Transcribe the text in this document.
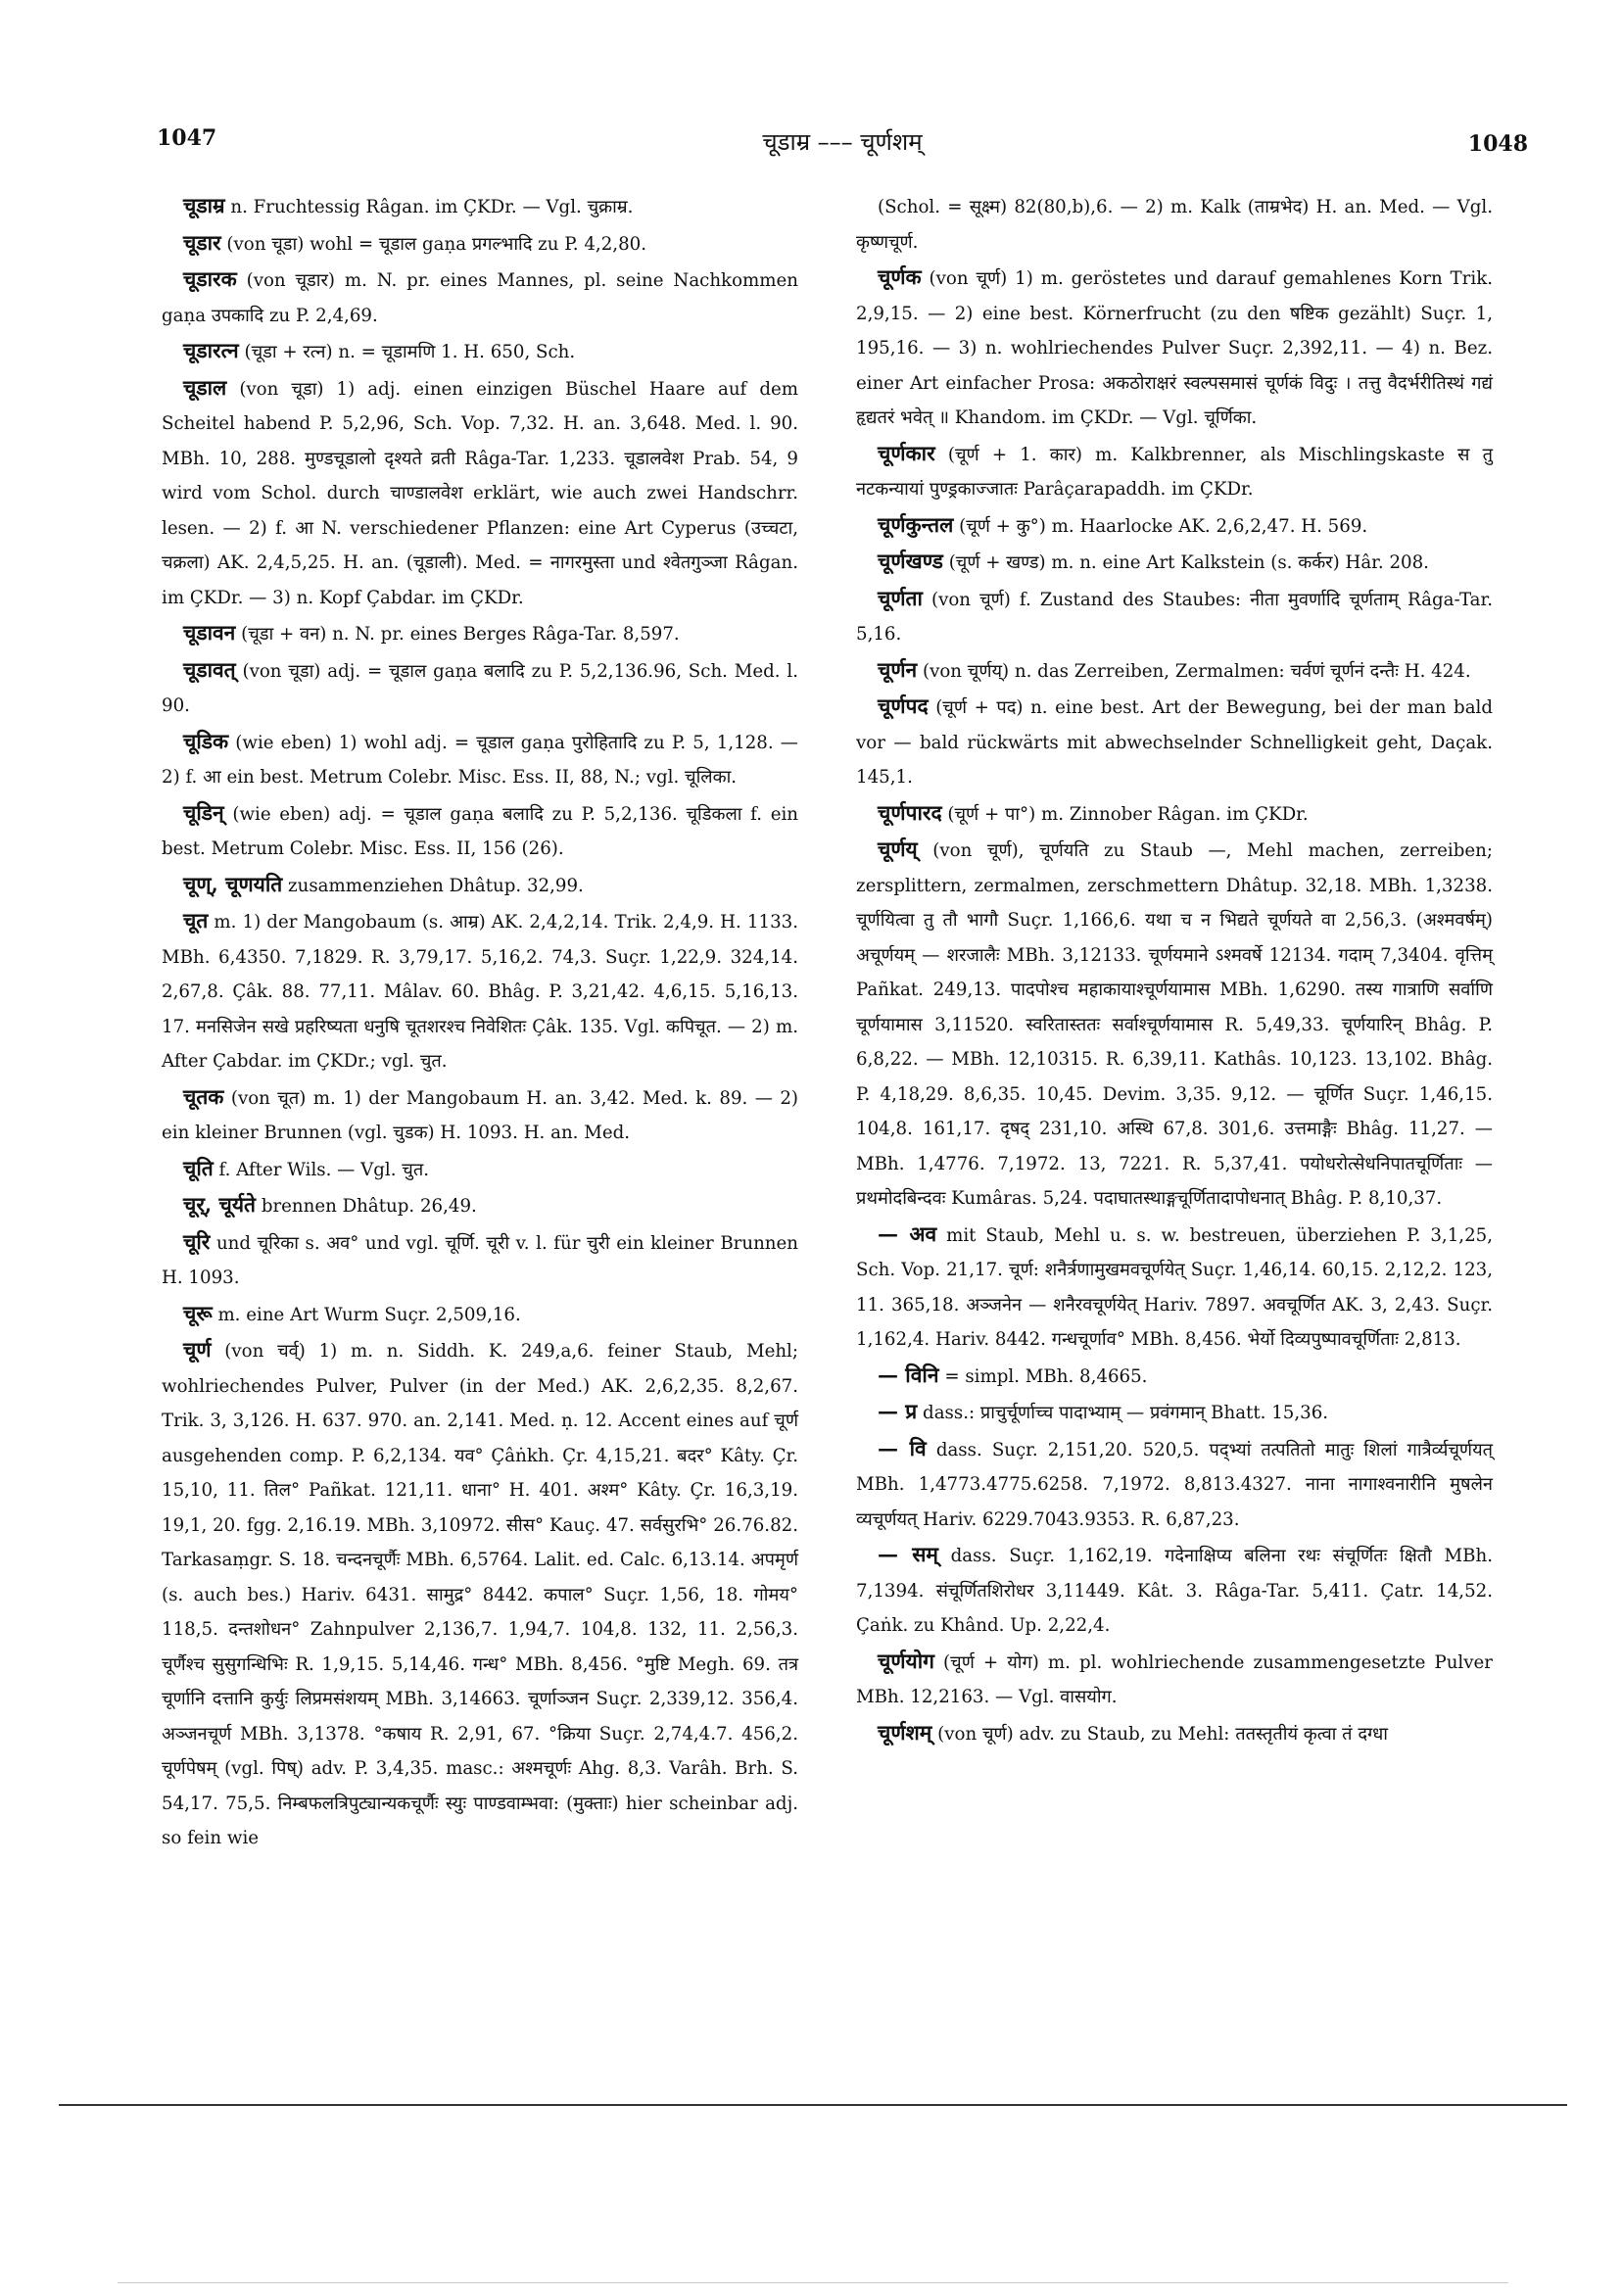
1047	चूडाम्र ––– चूर्णशम्	1048

चूडाम्र n. Fruchtessig Râgan. im ÇKDr. — Vgl. चुक्राम्र.

चूडार (von चूडा) wohl = चूडाल gaṇa प्रगल्भादि zu P. 4,2,80.

चूडारक (von चूडार) m. N. pr. eines Mannes, pl. seine Nachkommen gaṇa उपकादि zu P. 2,4,69.

चूडारत्न (चूडा + रत्न) n. = चूडामणि 1. H. 650, Sch.

चूडाल (von चूडा) 1) adj. einen einzigen Büschel Haare auf dem Scheitel habend P. 5,2,96, Sch. Vop. 7,32. H. an. 3,648. Med. l. 90. MBh. 10, 288. मुण्डचूडालो दृश्यते व्रती Râga-Tar. 1,233. चूडालवेश Prab. 54, 9 wird vom Schol. durch चाण्डालवेश erklärt, wie auch zwei Handschrr. lesen. — 2) f. आ N. verschiedener Pflanzen: eine Art Cyperus (उच्चटा, चक्रला) AK. 2,4,5,25. H. an. (चूडाली). Med. = नागरमुस्ता und श्वेतगुञ्जा Râgan. im ÇKDr. — 3) n. Kopf Çabdar. im ÇKDr.

चूडावन (चूडा + वन) n. N. pr. eines Berges Râga-Tar. 8,597.

चूडावत् (von चूडा) adj. = चूडाल gaṇa बलादि zu P. 5,2,136.96, Sch. Med. l. 90.

चूडिक (wie eben) 1) wohl adj. = चूडाल gaṇa पुरोहितादि zu P. 5, 1,128. — 2) f. आ ein best. Metrum Colebr. Misc. Ess. II, 88, N.; vgl. चूलिका.

चूडिन् (wie eben) adj. = चूडाल gaṇa बलादि zu P. 5,2,136. चूडिकला f. ein best. Metrum Colebr. Misc. Ess. II, 156 (26).

चूण्, चूणयति zusammenziehen Dhâtup. 32,99.

चूत m. 1) der Mangobaum (s. आम्र) AK. 2,4,2,14. Trik. 2,4,9. H. 1133. MBh. 6,4350. 7,1829. R. 3,79,17. 5,16,2. 74,3. Suçr. 1,22,9. 324,14. 2,67,8. Çâk. 88. 77,11. Mâlav. 60. Bhâg. P. 3,21,42. 4,6,15. 5,16,13. 17. मनसिजेन सखे प्रहरिष्यता धनुषि चूतशरश्च निवेशितः Çâk. 135. Vgl. कपिचूत. — 2) m. After Çabdar. im ÇKDr.; vgl. चुत.

चूतक (von चूत) m. 1) der Mangobaum H. an. 3,42. Med. k. 89. — 2) ein kleiner Brunnen (vgl. चुडक) H. 1093. H. an. Med.

चूति f. After Wils. — Vgl. चुत.

चूर्, चूर्यते brennen Dhâtup. 26,49.

चूरि und चूरिका s. अव° und vgl. चूर्णि. चूरी v. l. für चुरी ein kleiner Brunnen H. 1093.

चूरू m. eine Art Wurm Suçr. 2,509,16.

चूर्ण (von चर्व्) 1) m. n. Siddh. K. 249,a,6. feiner Staub, Mehl; wohlriechendes Pulver, Pulver (in der Med.) AK. 2,6,2,35. 8,2,67. Trik. 3, 3,126. H. 637. 970. an. 2,141. Med. ṇ. 12. Accent eines auf चूर्ण ausgehenden comp. P. 6,2,134. यव° Çâṅkh. Çr. 4,15,21. बदर° Kâty. Çr. 15,10, 11. तिल° Pañkat. 121,11. धाना° H. 401. अश्म° Kâty. Çr. 16,3,19. 19,1, 20. fgg. 2,16.19. MBh. 3,10972. सीस° Kauç. 47. सर्वसुरभि° 26.76.82. Tarkasaṃgr. S. 18. चन्दनचूर्णैः MBh. 6,5764. Lalit. ed. Calc. 6,13.14. अपमृर्ण (s. auch bes.) Hariv. 6431. सामुद्र° 8442. कपाल° Suçr. 1,56, 18. गोमय° 118,5. दन्तशोधन° Zahnpulver 2,136,7. 1,94,7. 104,8. 132, 11. 2,56,3. चूर्णैश्च सुसुगन्धिभिः R. 1,9,15. 5,14,46. गन्ध° MBh. 8,456. °मुष्टि Megh. 69. तत्र चूर्णानि दत्तानि कुर्युः लिप्रमसंशयम् MBh. 3,14663. चूर्णाञ्जन Suçr. 2,339,12. 356,4. अञ्जनचूर्ण MBh. 3,1378. °कषाय R. 2,91, 67. °क्रिया Suçr. 2,74,4.7. 456,2. चूर्णपेषम् (vgl. पिष्) adv. P. 3,4,35. masc.: अश्मचूर्णः Ahg. 8,3. Varâh. Brh. S. 54,17. 75,5. निम्बफलत्रिपुट्यान्यकचूर्णैः स्युः पाण्डवाम्भवा: (मुक्ताः) hier scheinbar adj. so fein wie

(Schol. = सूक्ष्म) 82(80,b),6. — 2) m. Kalk (ताम्रभेद) H. an. Med. — Vgl. कृष्णचूर्ण.

चूर्णक (von चूर्ण) 1) m. geröstetes und darauf gemahlenes Korn Trik. 2,9,15. — 2) eine best. Körnerfrucht (zu den षष्टिक gezählt) Suçr. 1, 195,16. — 3) n. wohlriechendes Pulver Suçr. 2,392,11. — 4) n. Bez. einer Art einfacher Prosa: अकठोराक्षरं स्वल्पसमासं चूर्णकं विदुः । तत्तु वैदर्भरीतिस्थं गद्यं हृद्यतरं भवेत् ॥ Khandom. im ÇKDr. — Vgl. चूर्णिका.

चूर्णकार (चूर्ण + 1. कार) m. Kalkbrenner, als Mischlingskaste स तु नटकन्यायां पुण्ड्रकाज्जातः Parâçarapaddh. im ÇKDr.

चूर्णकुन्तल (चूर्ण + कु°) m. Haarlocke AK. 2,6,2,47. H. 569.

चूर्णखण्ड (चूर्ण + खण्ड) m. n. eine Art Kalkstein (s. कर्कर) Hâr. 208.

चूर्णता (von चूर्ण) f. Zustand des Staubes: नीता मुवर्णादि चूर्णताम् Râga-Tar. 5,16.

चूर्णन (von चूर्णय्) n. das Zerreiben, Zermalmen: चर्वणं चूर्णनं दन्तैः H. 424.

चूर्णपद (चूर्ण + पद) n. eine best. Art der Bewegung, bei der man bald vor — bald rückwärts mit abwechselnder Schnelligkeit geht, Daçak. 145,1.

चूर्णपारद (चूर्ण + पा°) m. Zinnober Râgan. im ÇKDr.

चूर्णय् (von चूर्ण), चूर्णयति zu Staub —, Mehl machen, zerreiben; zersplittern, zermalmen, zerschmettern Dhâtup. 32,18. MBh. 1,3238. चूर्णयित्वा तु तौ भागौ Suçr. 1,166,6. यथा च न भिद्यते चूर्णयते वा 2,56,3. (अश्मवर्षम्) अचूर्णयम् — शरजालैः MBh. 3,12133. चूर्णयमाने ऽश्मवर्षे 12134. गदाम् 7,3404. वृत्तिम् Pañkat. 249,13. पादपोश्च महाकायाश्चूर्णयामास MBh. 1,6290. तस्य गात्राणि सर्वाणि चूर्णयामास 3,11520. स्वरितास्ततः सर्वाश्चूर्णयामास R. 5,49,33. चूर्णयारिन् Bhâg. P. 6,8,22. — MBh. 12,10315. R. 6,39,11. Kathâs. 10,123. 13,102. Bhâg. P. 4,18,29. 8,6,35. 10,45. Devim. 3,35. 9,12. — चूर्णित Suçr. 1,46,15. 104,8. 161,17. दृषद् 231,10. अस्थि 67,8. 301,6. उत्तमाङ्गैः Bhâg. 11,27. — MBh. 1,4776. 7,1972. 13, 7221. R. 5,37,41. पयोधरोत्सेधनिपातचूर्णिताः — प्रथमोदबिन्दवः Kumâras. 5,24. पदाघातस्थाङ्गचूर्णितादापोधनात् Bhâg. P. 8,10,37.

— अव mit Staub, Mehl u. s. w. bestreuen, überziehen P. 3,1,25, Sch. Vop. 21,17. चूर्ण: शनैर्त्रणामुखमवचूर्णयेत् Suçr. 1,46,14. 60,15. 2,12,2. 123, 11. 365,18. अञ्जनेन — शनैरवचूर्णयेत् Hariv. 7897. अवचूर्णित AK. 3, 2,43. Suçr. 1,162,4. Hariv. 8442. गन्धचूर्णाव° MBh. 8,456. भेर्यो दिव्यपुष्पावचूर्णिताः 2,813.

— विनि = simpl. MBh. 8,4665.

— प्र dass.: प्राचुर्चूर्णाच्च पादाभ्याम् — प्रवंगमान् Bhatt. 15,36.

— वि dass. Suçr. 2,151,20. 520,5. पद्भ्यां तत्पतितो मातुः शिलां गात्रैर्व्यचूर्णयत् MBh. 1,4773.4775.6258. 7,1972. 8,813.4327. नाना नागाश्वनारीनि मुषलेन व्यचूर्णयत् Hariv. 6229.7043.9353. R. 6,87,23.

— सम् dass. Suçr. 1,162,19. गदेनाक्षिप्य बलिना रथः संचूर्णितः क्षितौ MBh. 7,1394. संचूर्णितशिरोधर 3,11449. Kât. 3. Râga-Tar. 5,411. Çatr. 14,52. Çaṅk. zu Khând. Up. 2,22,4.

चूर्णयोग (चूर्ण + योग) m. pl. wohlriechende zusammengesetzte Pulver MBh. 12,2163. — Vgl. वासयोग.

चूर्णशम् (von चूर्ण) adv. zu Staub, zu Mehl: ततस्तृतीयं कृत्वा तं दग्धा
